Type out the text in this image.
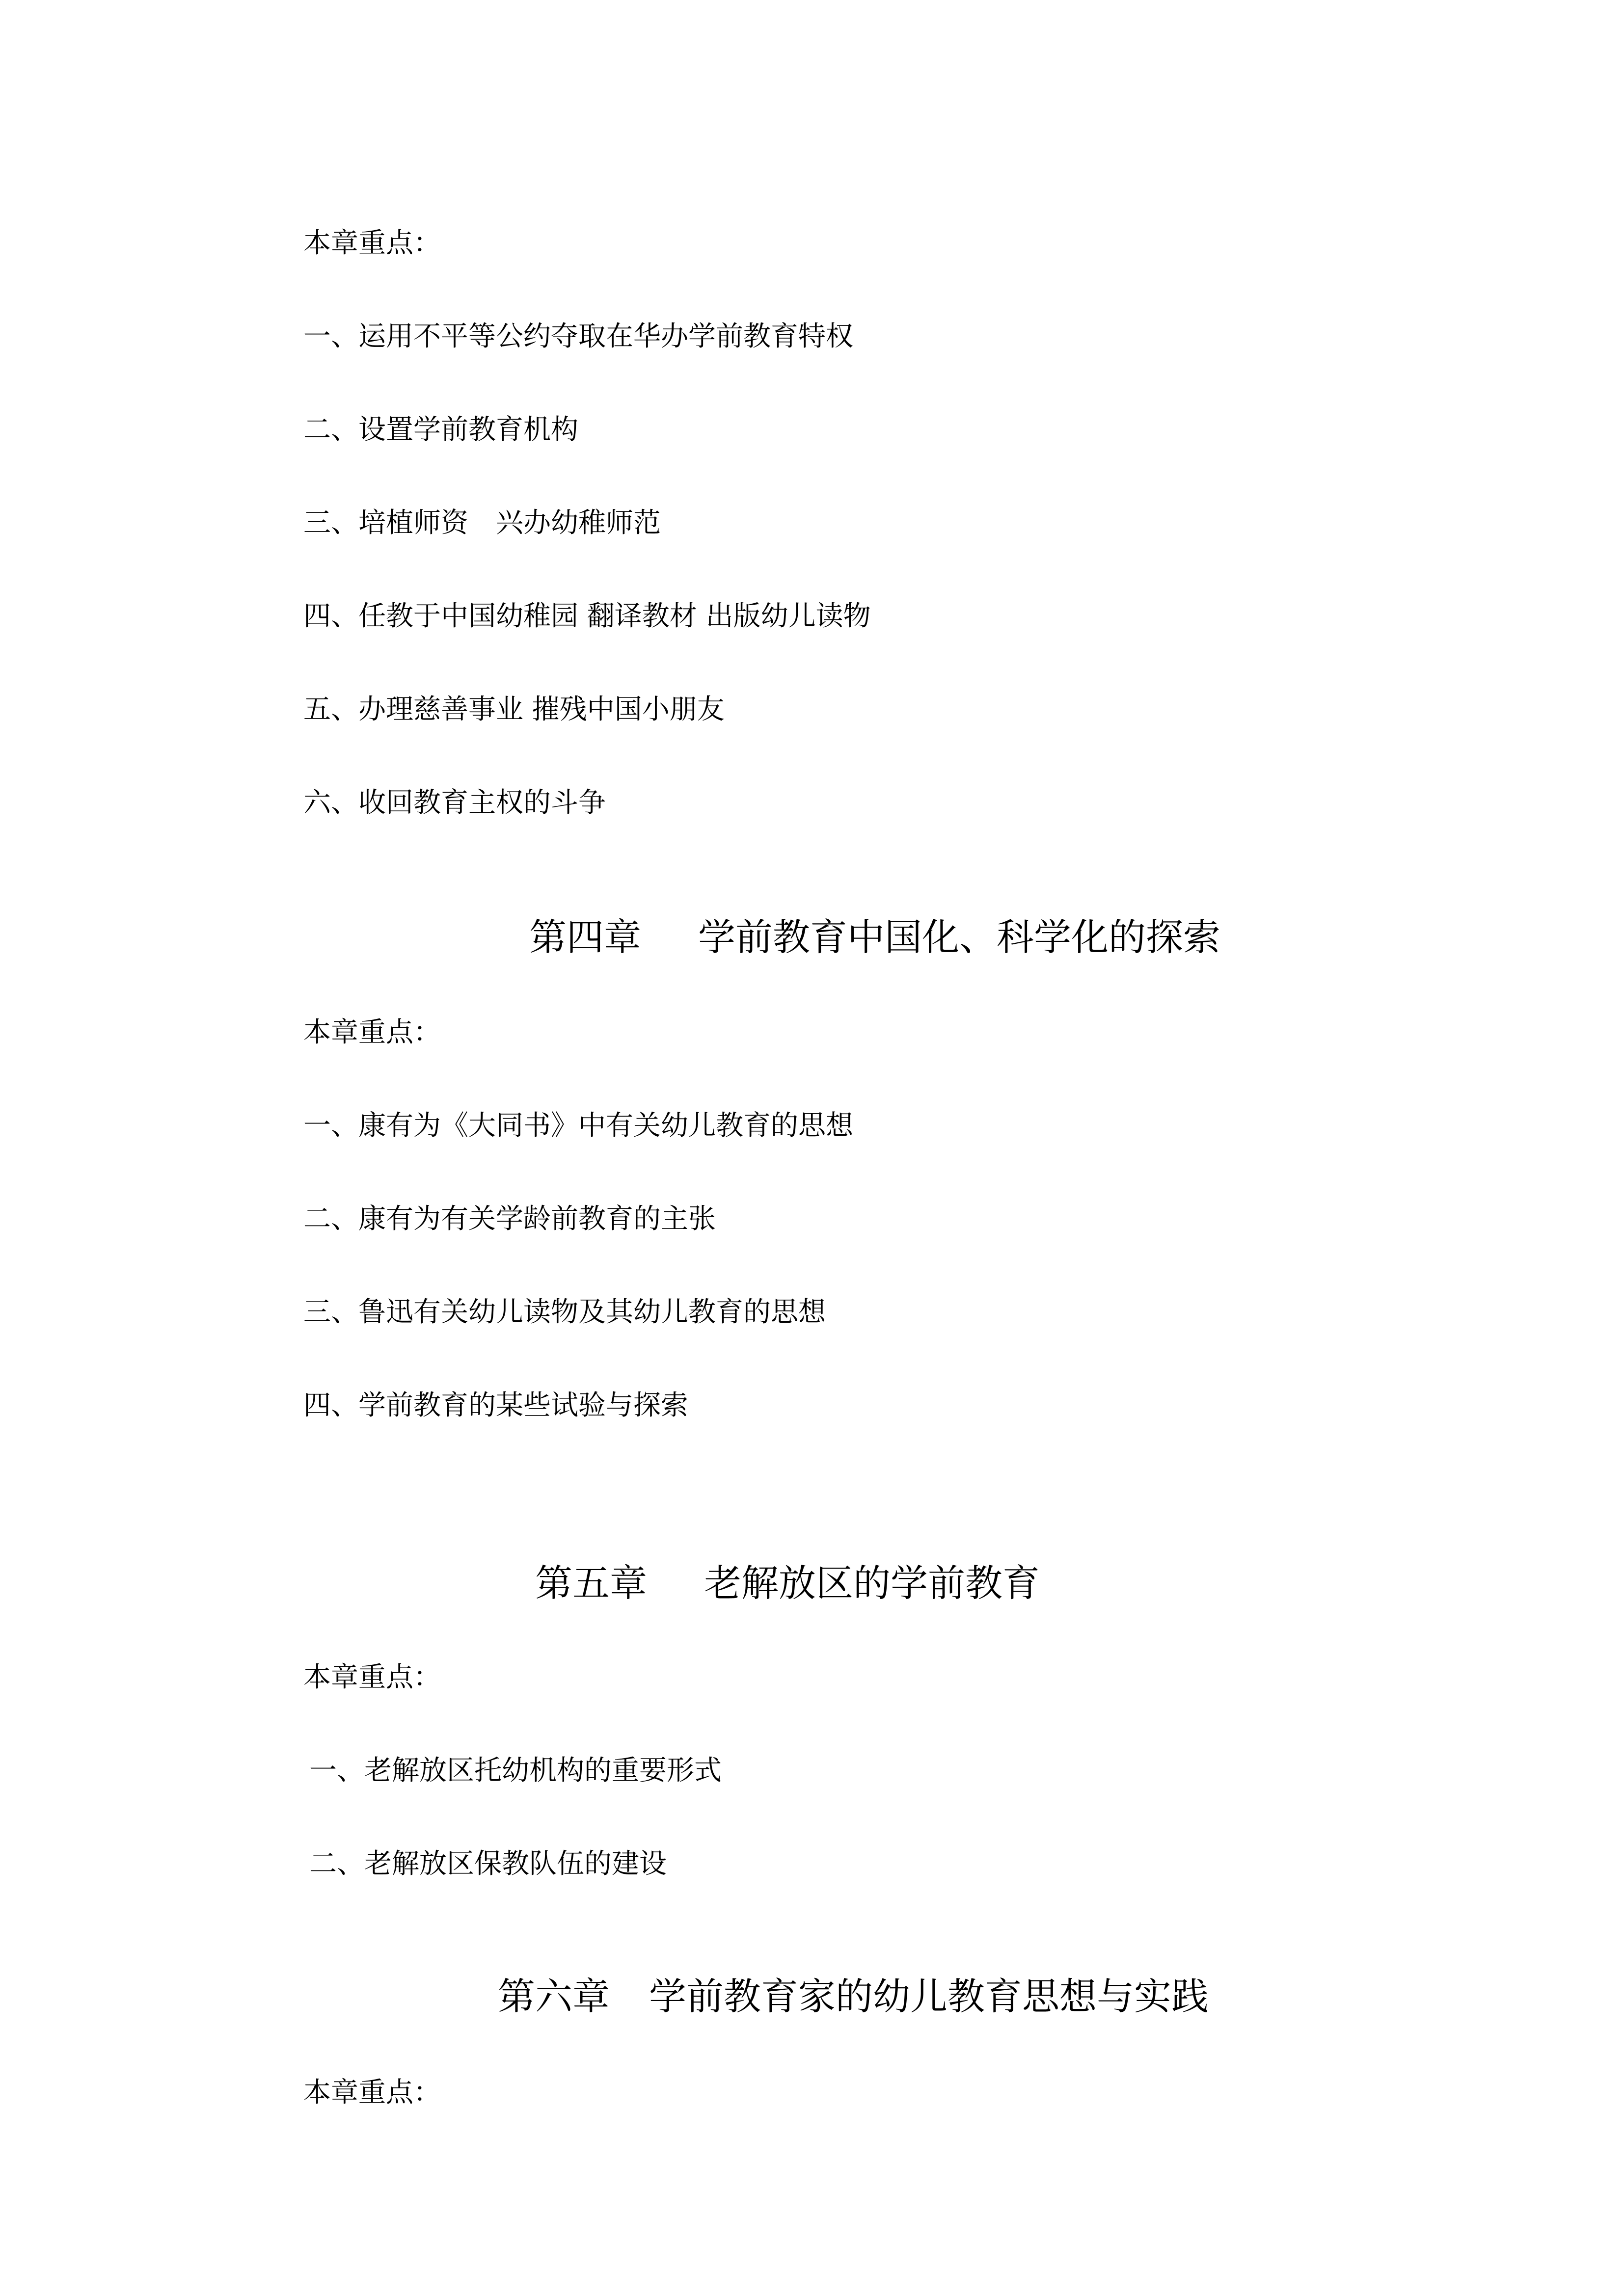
本章重点：
一、运用不平等公约夺取在华办学前教育特权
二、设置学前教育机构
三、培植师资　兴办幼稚师范
四、任教于中国幼稚园 翻译教材 出版幼儿读物
五、办理慈善事业 摧残中国小朋友
六、收回教育主权的斗争
第四章 学前教育中国化、科学化的探索
本章重点：
一、康有为《大同书》中有关幼儿教育的思想
二、康有为有关学龄前教育的主张
三、鲁迅有关幼儿读物及其幼儿教育的思想
四、学前教育的某些试验与探索
第五章 老解放区的学前教育
本章重点：
一、老解放区托幼机构的重要形式
二、老解放区保教队伍的建设
第六章 学前教育家的幼儿教育思想与实践
本章重点：
